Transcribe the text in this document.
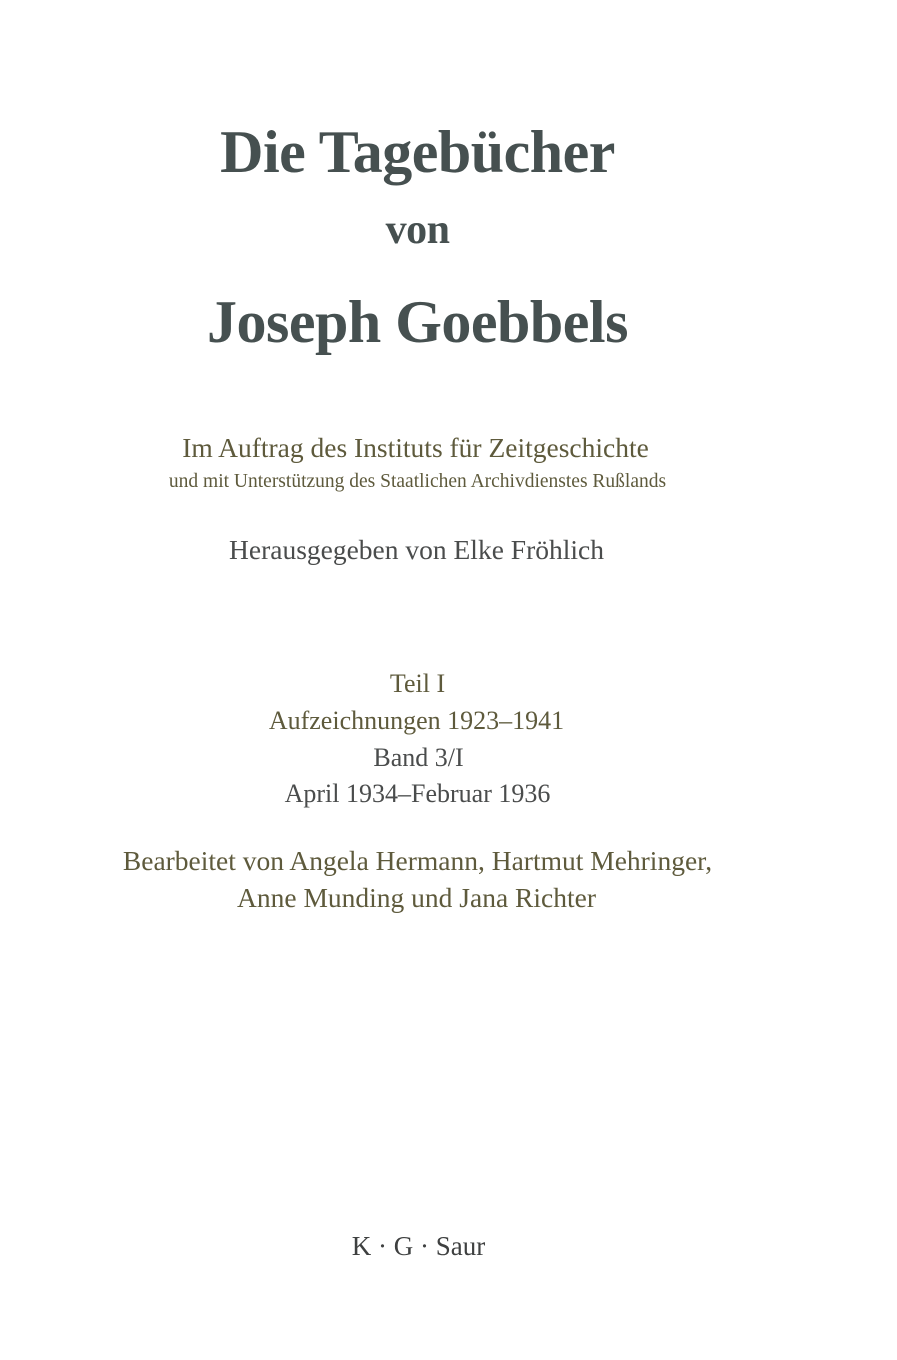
Die Tagebücher
von
Joseph Goebbels
Im Auftrag des Instituts für Zeitgeschichte
und mit Unterstützung des Staatlichen Archivdienstes Rußlands
Herausgegeben von Elke Fröhlich
Teil I
Aufzeichnungen 1923–1941
Band 3/I
April 1934–Februar 1936
Bearbeitet von Angela Hermann, Hartmut Mehringer,
Anne Munding und Jana Richter
K · G · Saur
